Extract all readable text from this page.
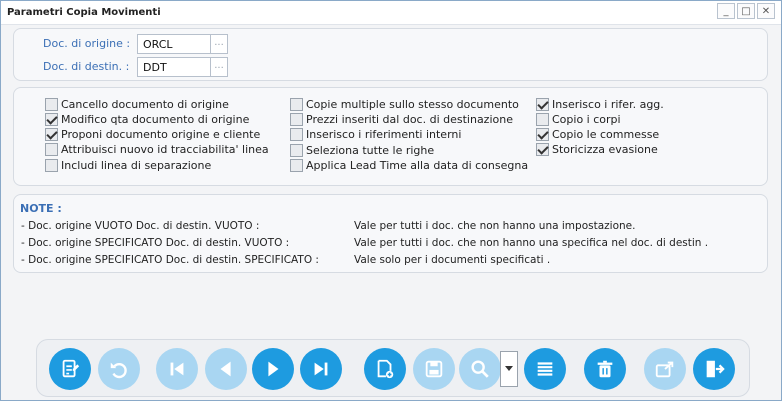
Parametri Copia Movimenti	_	□	✕
Doc. di origine :	ORCL	...
Doc. di destin. :	DDT	...
Cancello documento di origine
Modifico qta documento di origine
Proponi documento origine e cliente
Attribuisci nuovo id tracciabilita' linea
Includi linea di separazione
Copie multiple sullo stesso documento
Prezzi inseriti dal doc. di destinazione
Inserisco i riferimenti interni
Seleziona tutte le righe
Applica Lead Time alla data di consegna
Inserisco i rifer. agg.
Copio i corpi
Copio le commesse
Storicizza evasione
NOTE :
- Doc. origine VUOTO Doc. di destin. VUOTO :	Vale per tutti i doc. che non hanno una impostazione.
- Doc. origine SPECIFICATO Doc. di destin. VUOTO :	Vale per tutti i doc. che non hanno una specifica nel doc. di destin .
- Doc. origine SPECIFICATO Doc. di destin. SPECIFICATO :	Vale solo per i documenti specificati .
